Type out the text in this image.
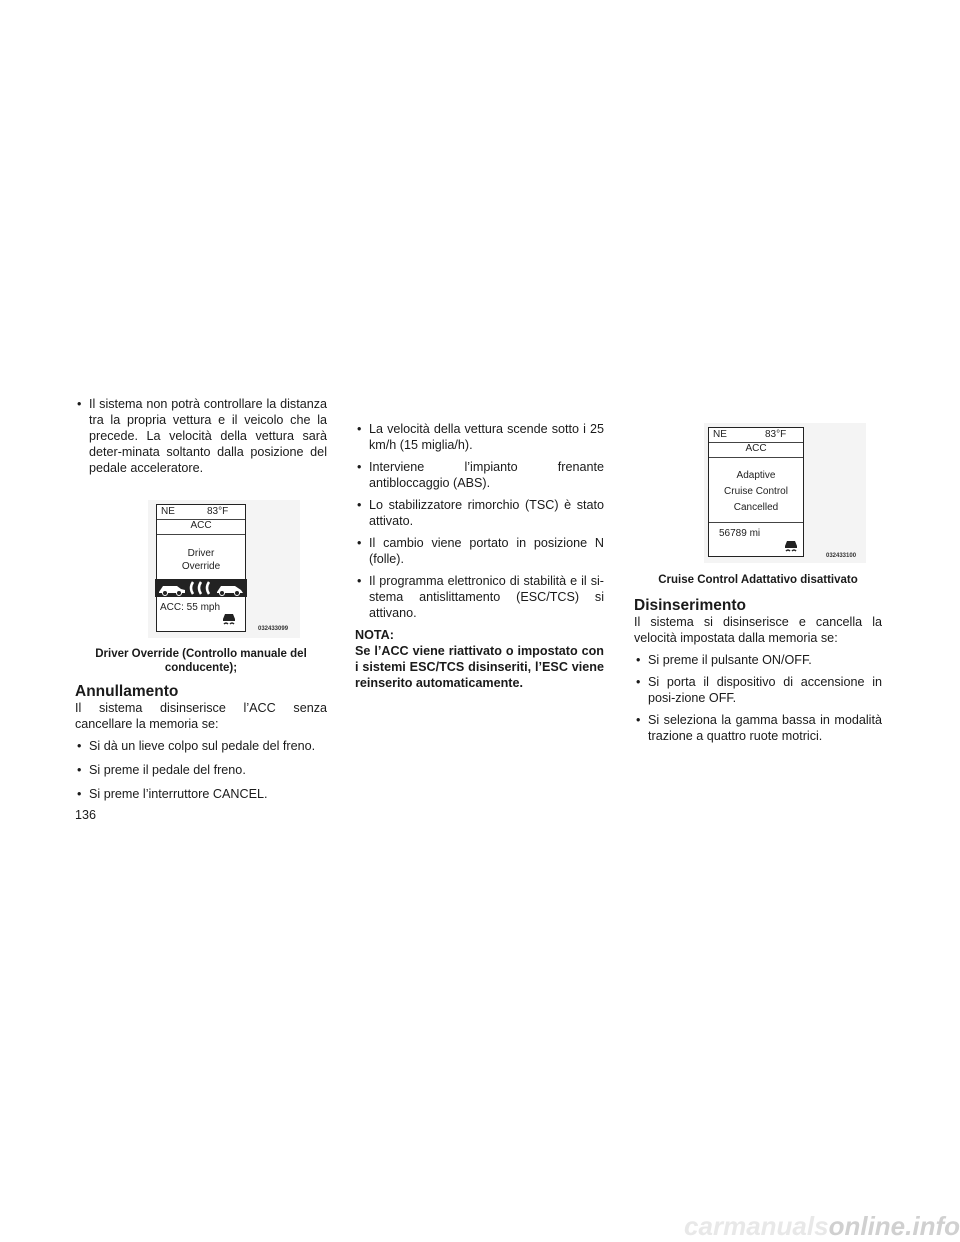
• Il sistema non potrà controllare la distanza tra la propria vettura e il veicolo che la precede. La velocità della vettura sarà deter-minata soltanto dalla posizione del pedale acceleratore.
NE	83°F
ACC
Driver
Override
ACC: 55 mph
032433099
Driver Override (Controllo manuale del
conducente);
Annullamento
Il sistema disinserisce l’ACC senza cancellare la memoria se:
• Si dà un lieve colpo sul pedale del freno.
• Si preme il pedale del freno.
• Si preme l’interruttore CANCEL.
136
• La velocità della vettura scende sotto i 25 km/h (15 miglia/h).
• Interviene l’impianto frenante antibloccaggio (ABS).
• Lo stabilizzatore rimorchio (TSC) è stato attivato.
• Il cambio viene portato in posizione N (folle).
• Il programma elettronico di stabilità e il si-stema antislittamento (ESC/TCS) si attivano.
NOTA:
Se l’ACC viene riattivato o impostato con i sistemi ESC/TCS disinseriti, l’ESC viene reinserito automaticamente.
NE	83°F
ACC
Adaptive
Cruise Control
Cancelled
56789 mi
032433100
Cruise Control Adattativo disattivato
Disinserimento
Il sistema si disinserisce e cancella la velocità impostata dalla memoria se:
• Si preme il pulsante ON/OFF.
• Si porta il dispositivo di accensione in posi-zione OFF.
• Si seleziona la gamma bassa in modalità trazione a quattro ruote motrici.
carmanualsonline.info
